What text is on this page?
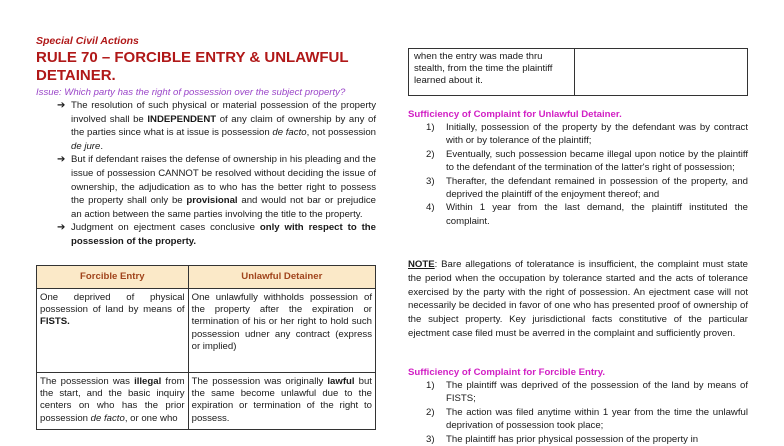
Special Civil Actions
RULE 70 – FORCIBLE ENTRY & UNLAWFUL
DETAINER.
Issue: Which party has the right of possession over the subject property?
➔ The resolution of such physical or material possession of the property involved shall be INDEPENDENT of any claim of ownership by any of the parties since what is at issue is possession de facto, not possession de jure.
➔ But if defendant raises the defense of ownership in his pleading and the issue of possession CANNOT be resolved without deciding the issue of ownership, the adjudication as to who has the better right to possess the property shall only be provisional and would not bar or prejudice an action between the same parties involving the title to the property.
➔ Judgment on ejectment cases conclusive only with respect to the possession of the property.
Forcible Entry	Unlawful Detainer
One deprived of physical possession of land by means of FISTS.	One unlawfully withholds possession of the property after the expiration or termination of his or her right to hold such possession udner any contract (express or implied)
The possession was illegal from the start, and the basic inquiry centers on who has the prior possession de facto, or one who	The possession was originally lawful but the same become unlawful due to the expiration or termination of the right to possess.
when the entry was made thru stealth, from the time the plaintiff learned about it.	
Sufficiency of Complaint for Unlawful Detainer.
1) Initially, possession of the property by the defendant was by contract with or by tolerance of the plaintiff;
2) Eventually, such possession became illegal upon notice by the plaintiff to the defendant of the termination of the latter's right of possession;
3) Therafter, the defendant remained in possession of the property, and deprived the plaintiff of the enjoyment thereof; and
4) Within 1 year from the last demand, the plaintiff instituted the complaint.
NOTE: Bare allegations of toleratance is insufficient, the complaint must state the period when the occupation by tolerance started and the acts of tolerance exercised by the party with the right of possession. An ejectment case will not necessarily be decided in favor of one who has presented proof of ownership of the subject property. Key jurisdictional facts constitutive of the particular ejectment case filed must be averred in the complaint and sufficiently proven.
Sufficiency of Complaint for Forcible Entry.
1) The plaintiff was deprived of the possession of the land by means of FISTS;
2) The action was filed anytime within 1 year from the time the unlawful deprivation of possession took place;
3) The plaintiff has prior physical possession of the property in
